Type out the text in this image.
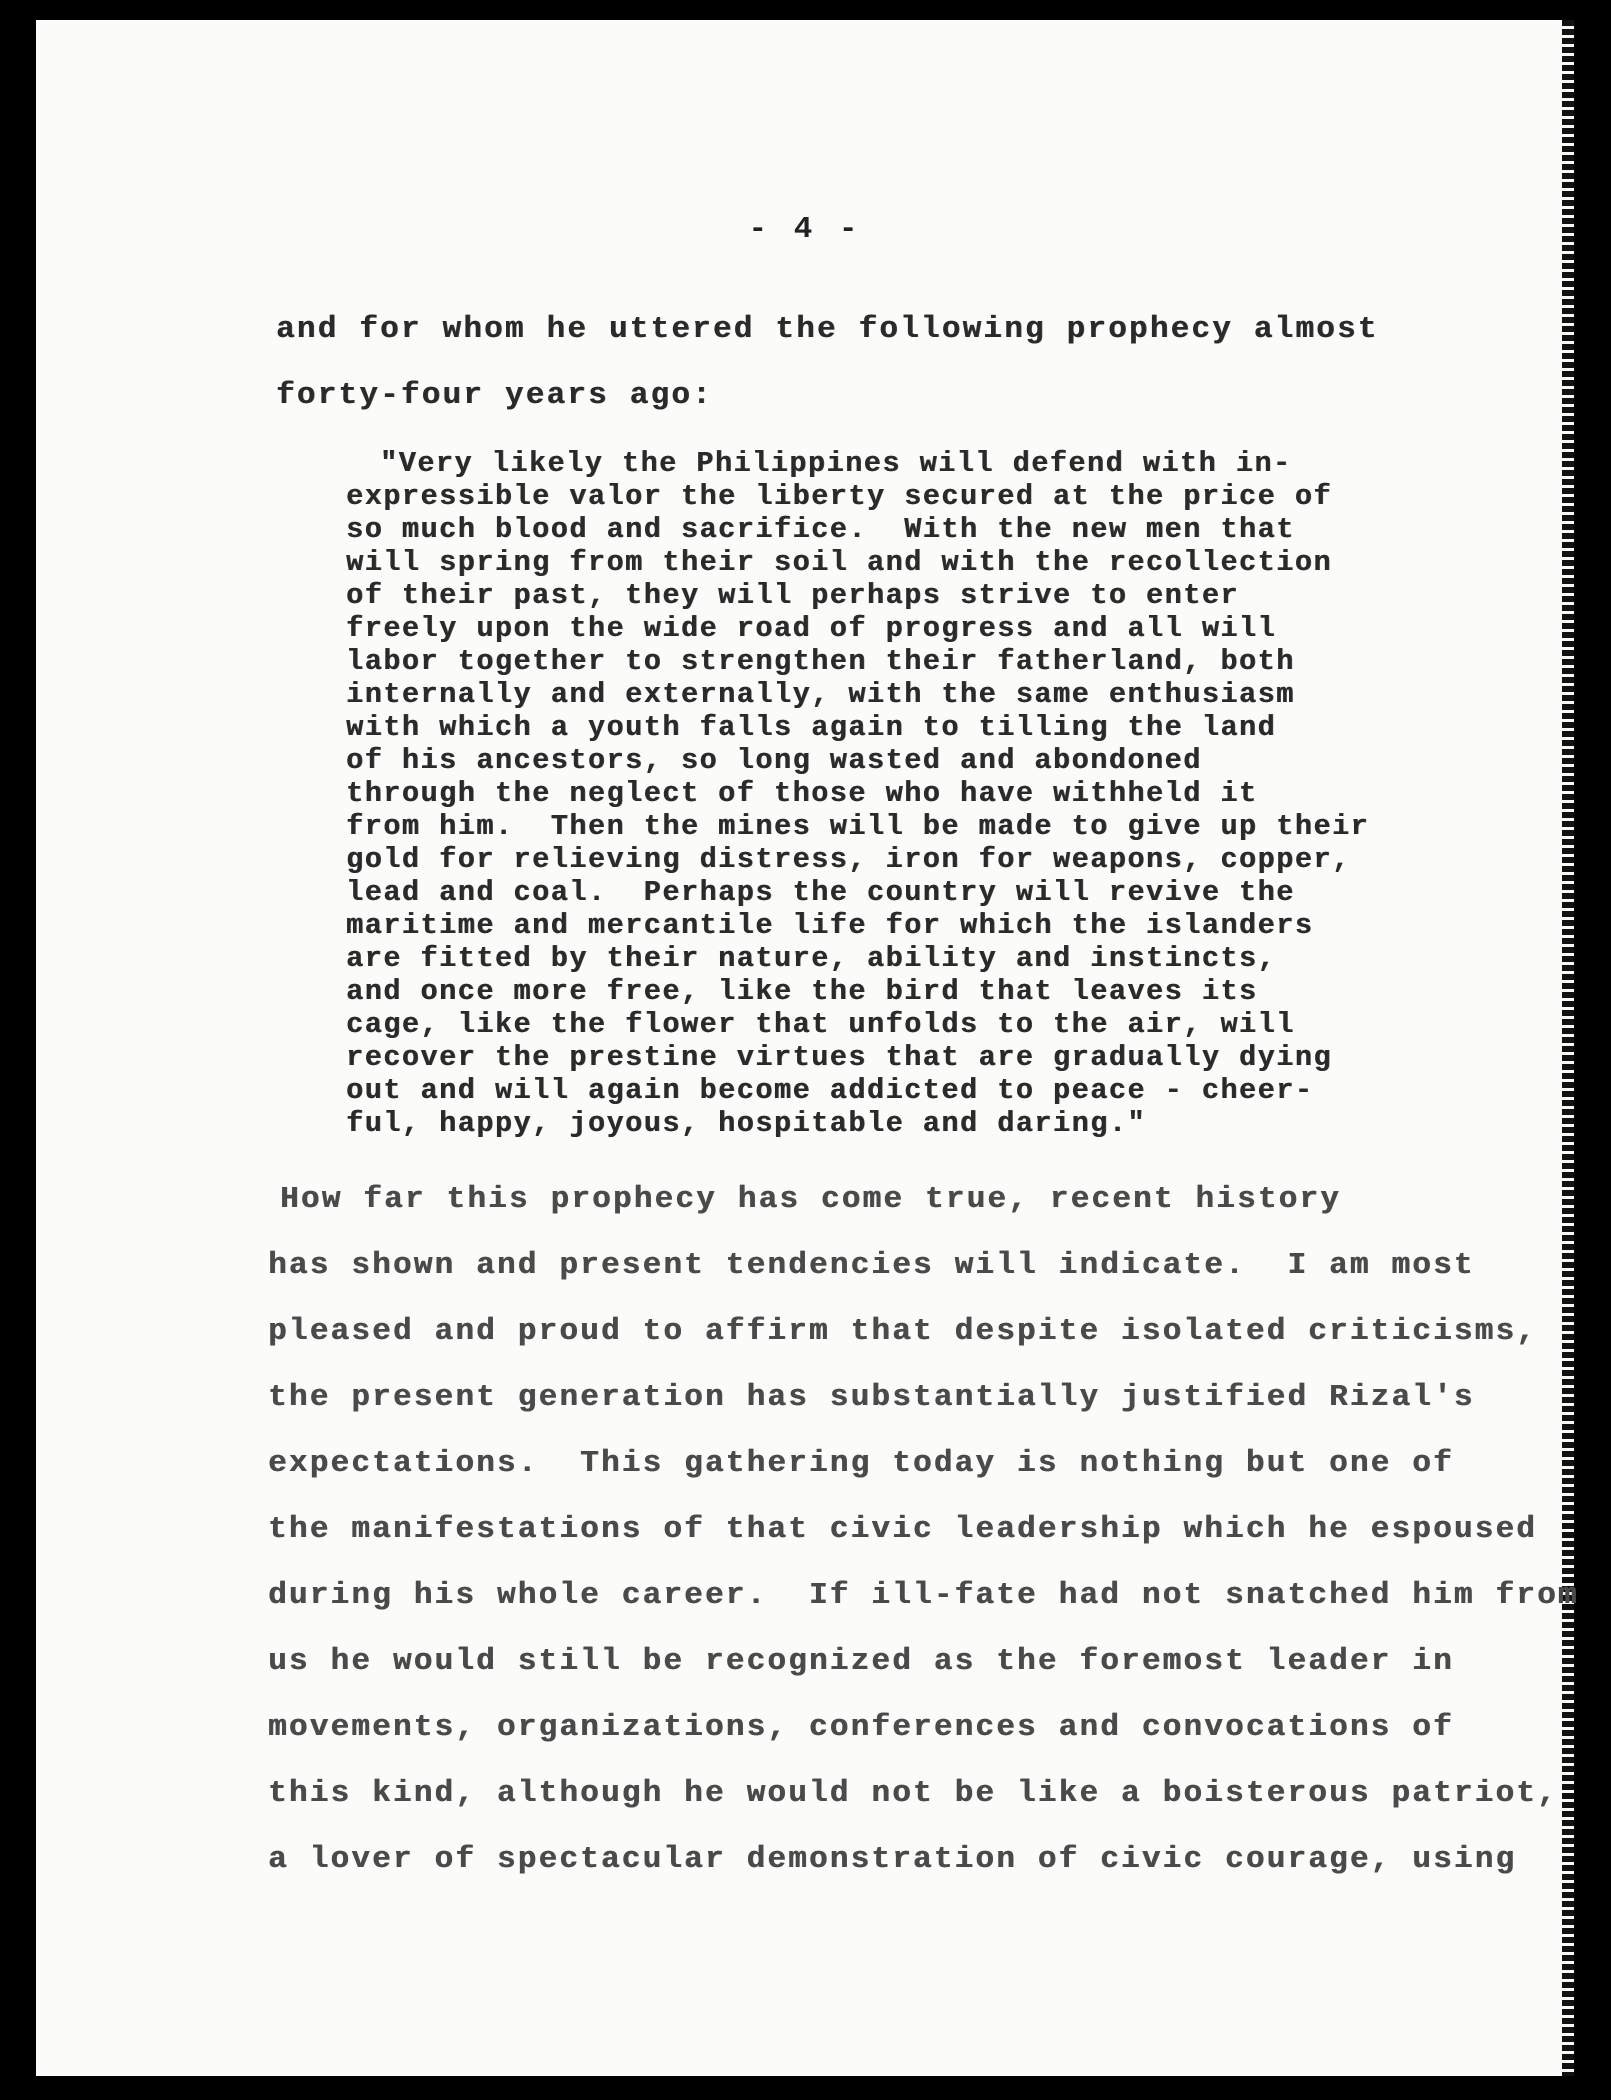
- 4 -
and for whom he uttered the following prophecy almost
forty-four years ago:
"Very likely the Philippines will defend with in-
expressible valor the liberty secured at the price of
so much blood and sacrifice.  With the new men that
will spring from their soil and with the recollection
of their past, they will perhaps strive to enter
freely upon the wide road of progress and all will
labor together to strengthen their fatherland, both
internally and externally, with the same enthusiasm
with which a youth falls again to tilling the land
of his ancestors, so long wasted and abondoned
through the neglect of those who have withheld it
from him.  Then the mines will be made to give up their
gold for relieving distress, iron for weapons, copper,
lead and coal.  Perhaps the country will revive the
maritime and mercantile life for which the islanders
are fitted by their nature, ability and instincts,
and once more free, like the bird that leaves its
cage, like the flower that unfolds to the air, will
recover the prestine virtues that are gradually dying
out and will again become addicted to peace - cheer-
ful, happy, joyous, hospitable and daring."
How far this prophecy has come true, recent history
has shown and present tendencies will indicate.  I am most
pleased and proud to affirm that despite isolated criticisms,
the present generation has substantially justified Rizal's
expectations.  This gathering today is nothing but one of
the manifestations of that civic leadership which he espoused
during his whole career.  If ill-fate had not snatched him from
us he would still be recognized as the foremost leader in
movements, organizations, conferences and convocations of
this kind, although he would not be like a boisterous patriot,
a lover of spectacular demonstration of civic courage, using
